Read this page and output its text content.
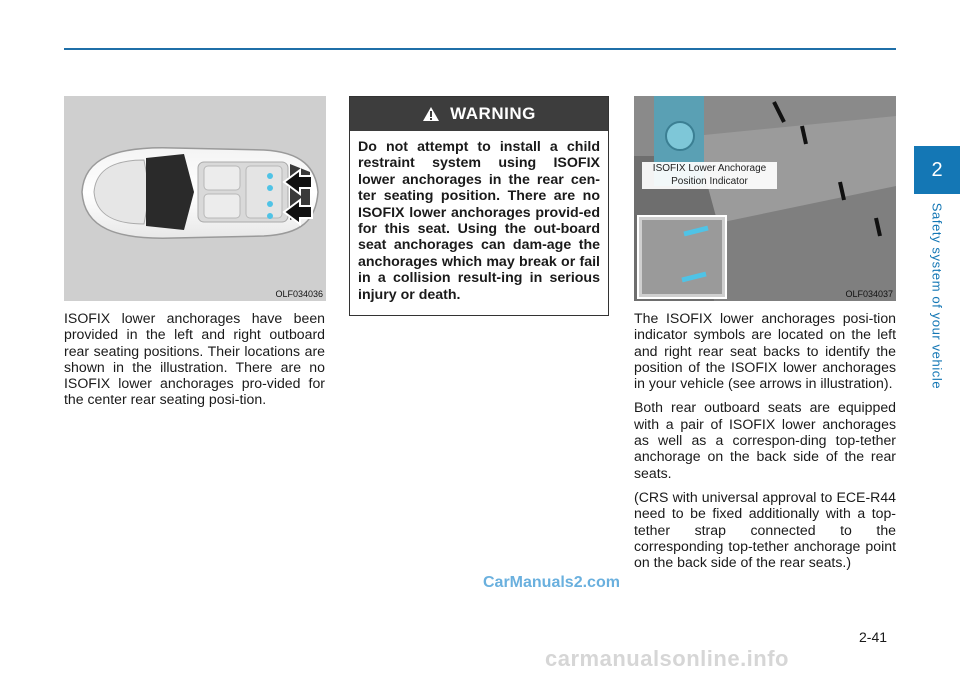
2
Safety system of your vehicle
OLF034036

ISOFIX lower anchorages have been provided in the left and right outboard rear seating positions. Their locations are shown in the illustration. There are no ISOFIX lower anchorages pro-vided for the center rear seating posi-tion.

WARNING
Do not attempt to install a child restraint system using ISOFIX lower anchorages in the rear cen-ter seating position. There are no ISOFIX lower anchorages provid-ed for this seat. Using the out-board seat anchorages can dam-age the anchorages which may break or fail in a collision result-ing in serious injury or death.	OLF034037
ISOFIX Lower Anchorage Position Indicator

The ISOFIX lower anchorages posi-tion indicator symbols are located on the left and right rear seat backs to identify the position of the ISOFIX lower anchorages in your vehicle (see arrows in illustration).

Both rear outboard seats are equipped with a pair of ISOFIX lower anchorages as well as a correspon-ding top-tether anchorage on the back side of the rear seats.

(CRS with universal approval to ECE-R44 need to be fixed additionally with a top-tether strap connected to the corresponding top-tether anchorage point on the back side of the rear seats.)

2-41
CarManuals2.com
carmanualsonline.info
